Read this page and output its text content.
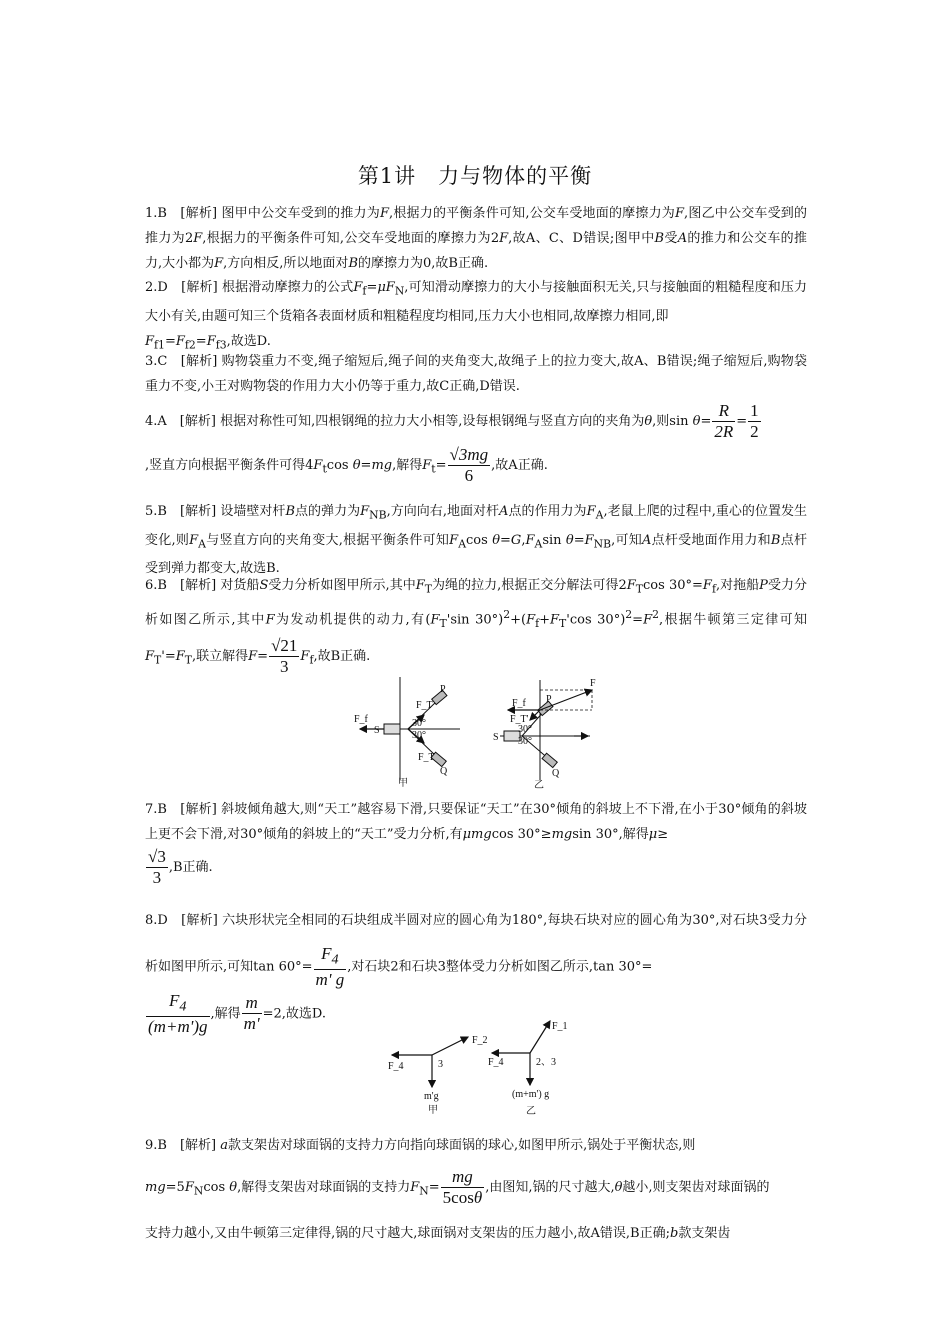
第1讲　力与物体的平衡
1.B　[解析] 图甲中公交车受到的推力为F,根据力的平衡条件可知,公交车受地面的摩擦力为F,图乙中公交车受到的推力为2F,根据力的平衡条件可知,公交车受地面的摩擦力为2F,故A、C、D错误;图甲中B受A的推力和公交车的推力,大小都为F,方向相反,所以地面对B的摩擦力为0,故B正确.
2.D　[解析] 根据滑动摩擦力的公式$F_f=\mu F_N$,可知滑动摩擦力的大小与接触面积无关,只与接触面的粗糙程度和压力大小有关,由题可知三个货箱各表面材质和粗糙程度均相同,压力大小也相同,故摩擦力相同,即
$F_{f1}=F_{f2}=F_{f3}$,故选D.
3.C　[解析] 购物袋重力不变,绳子缩短后,绳子间的夹角变大,故绳子上的拉力变大,故A、B错误;绳子缩短后,购物袋重力不变,小王对购物袋的作用力大小仍等于重力,故C正确,D错误.
4.A　[解析] 根据对称性可知,四根钢绳的拉力大小相等,设每根钢绳与竖直方向的夹角为θ,则$\sin \theta= \frac{R}{2R} = \frac{1}{2}$

,竖直方向根据平衡条件可得$4F_t\cos$ θ=mg,解得$F_t= \frac{√3mg}{6}$ ,故A正确.
5.B　[解析] 设墙壁对杆B点的弹力为$F_{NB}$,方向向右,地面对杆A点的作用力为$F_A$,老鼠上爬的过程中,重心的位置发生变化,则$F_A$与竖直方向的夹角变大,根据平衡条件可知$F_A\cos$ $\theta=G,F_A\sin$ $\theta=F_{NB}$,可知A点杆受地面作用力和B点杆受到弹力都变大,故选B.
6.B　[解析] 对货船S受力分析如图甲所示,其中$F_T$为绳的拉力,根据正交分解法可得$2F_T\cos$ $30^\circ=F_f$,对拖船P受力分析如图乙所示,其中F为发动机提供的动力,有($F_T'\sin$ $30^\circ)^2+(F_f+F_T'\cos$ $30^\circ)^2=F^2$,根据牛顿第三定律可知$F_T'=F_T$,联立解得$F= \frac{√21}{3} F_f$,故B正确.
F_f
F_T
P
S
30°
30°
F_T
Q
甲
F_f
F
P
F_T'
S
30°
30°
Q
乙
7.B　[解析] 斜坡倾角越大,则“天工”越容易下滑,只要保证“天工”在30°倾角的斜坡上不下滑,在小于30°倾角的斜坡上更不会下滑,对30°倾角的斜坡上的“天工”受力分析,有μmgcos 30°≥mgsin 30°,解得μ≥

$\frac{√3}{3} ,B$正确.
8.D　[解析] 六块形状完全相同的石块组成半圆对应的圆心角为180°,每块石块对应的圆心角为30°,对石块3受力分析如图甲所示,可知$\tan 60^\circ= \frac{F_4}{m' g}$ ,对石块2和石块3整体受力分析如图乙所示,tan 30°=

$\frac{F_4}{(m+m')g}$ ,解得 $\frac{m}{m'} =2$,故选D.
F_2
F_4	3
m'g
甲
F_1
F_4	2、3
(m+m') g
乙
9.B　[解析] a款支架齿对球面锅的支持力方向指向球面锅的球心,如图甲所示,锅处于平衡状态,则
$mg=5F_N\cos$ θ,解得支架齿对球面锅的支持力$F_N= \frac{mg}{5\cos\theta}$ ,由图知,锅的尺寸越大,θ越小,则支架齿对球面锅的
支持力越小,又由牛顿第三定律得,锅的尺寸越大,球面锅对支架齿的压力越小,故A错误,B正确;b款支架齿
